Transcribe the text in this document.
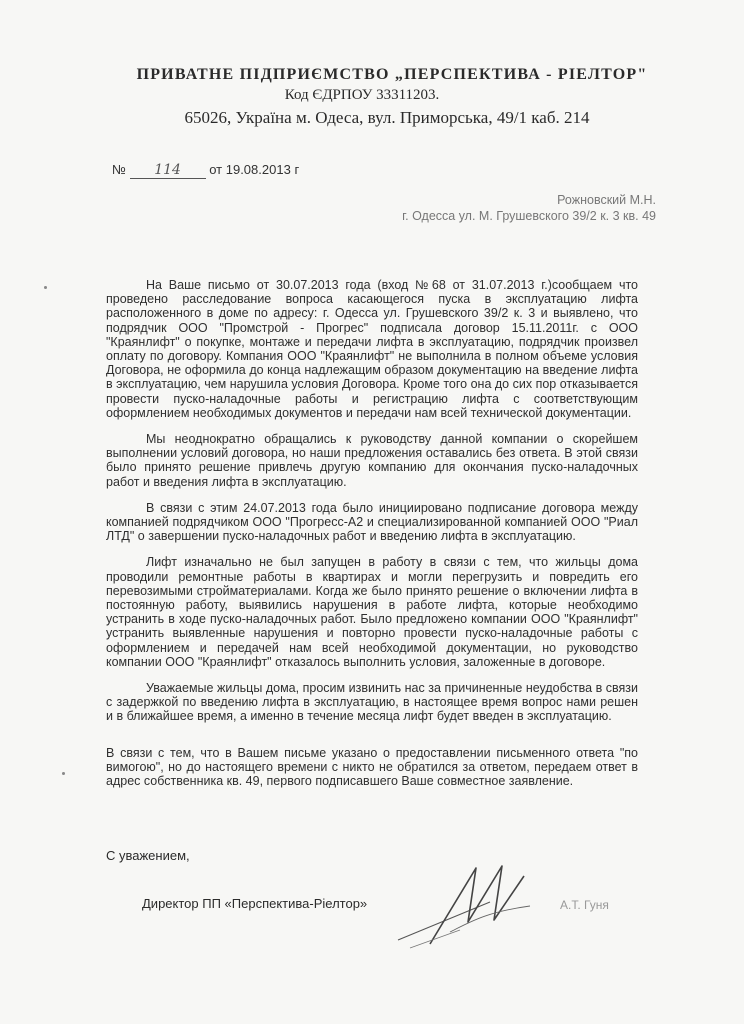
ПРИВАТНЕ ПІДПРИЄМСТВО „ПЕРСПЕКТИВА - РІЕЛТОР"
Код ЄДРПОУ 33311203.
65026, Україна м. Одеса, вул. Приморська, 49/1 каб. 214
№ 114 от 19.08.2013 г
Рожновский М.Н.
г. Одесса ул. М. Грушевского 39/2 к. 3 кв. 49

На Ваше письмо от 30.07.2013 года (вход №68 от 31.07.2013 г.)сообщаем что проведено расследование вопроса касающегося пуска в эксплуатацию лифта расположенного в доме по адресу: г. Одесса ул. Грушевского 39/2 к. 3 и выявлено, что подрядчик ООО "Промстрой - Прогрес" подписала договор 15.11.2011г. с ООО "Краянлифт" о покупке, монтаже и передачи лифта в эксплуатацию, подрядчик произвел оплату по договору. Компания ООО "Краянлифт" не выполнила в полном объеме условия Договора, не оформила до конца надлежащим образом документацию на введение лифта в эксплуатацию, чем нарушила условия Договора. Кроме того она до сих пор отказывается провести пуско-наладочные работы и регистрацию лифта с соответствующим оформлением необходимых документов и передачи нам всей технической документации.

Мы неоднократно обращались к руководству данной компании о скорейшем выполнении условий договора, но наши предложения оставались без ответа. В этой связи было принято решение привлечь другую компанию для окончания пуско-наладочных работ и введения лифта в эксплуатацию.

В связи с этим 24.07.2013 года было инициировано подписание договора между компанией подрядчиком ООО "Прогресс-А2 и специализированной компанией ООО "Риал ЛТД" о завершении пуско-наладочных работ и введению лифта в эксплуатацию.

Лифт изначально не был запущен в работу в связи с тем, что жильцы дома проводили ремонтные работы в квартирах и могли перегрузить и повредить его перевозимыми стройматериалами. Когда же было принято решение о включении лифта в постоянную работу, выявились нарушения в работе лифта, которые необходимо устранить в ходе пуско-наладочных работ. Было предложено компании ООО "Краянлифт" устранить выявленные нарушения и повторно провести пуско-наладочные работы с оформлением и передачей нам всей необходимой документации, но руководство компании ООО "Краянлифт" отказалось выполнить условия, заложенные в договоре.

Уважаемые жильцы дома, просим извинить нас за причиненные неудобства в связи с задержкой по введению лифта в эксплуатацию, в настоящее время вопрос нами решен и в ближайшее время, а именно в течение месяца лифт будет введен в эксплуатацию.

В связи с тем, что в Вашем письме указано о предоставлении письменного ответа "по вимогою", но до настоящего времени с никто не обратился за ответом, передаем ответ в адрес собственника кв. 49, первого подписавшего Ваше совместное заявление.

С уважением,
Директор ПП «Перспектива-Ріелтор»	А.Т. Гуня
